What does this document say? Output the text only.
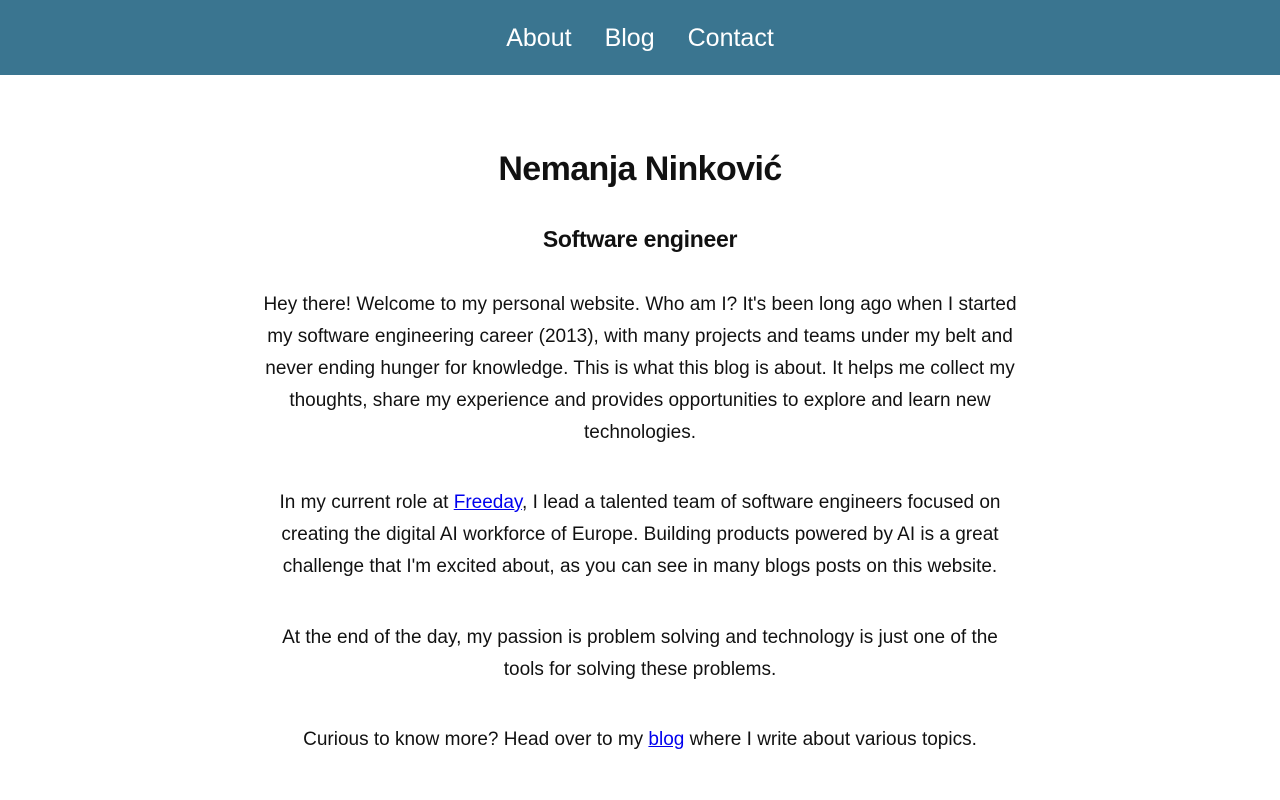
About Blog Contact
Nemanja Ninković
Software engineer

Hey there! Welcome to my personal website. Who am I? It's been long ago when I started my software engineering career (2013), with many projects and teams under my belt and never ending hunger for knowledge. This is what this blog is about. It helps me collect my thoughts, share my experience and provides opportunities to explore and learn new technologies.

In my current role at Freeday, I lead a talented team of software engineers focused on creating the digital AI workforce of Europe. Building products powered by AI is a great challenge that I'm excited about, as you can see in many blogs posts on this website.

At the end of the day, my passion is problem solving and technology is just one of the tools for solving these problems.

Curious to know more? Head over to my blog where I write about various topics.
